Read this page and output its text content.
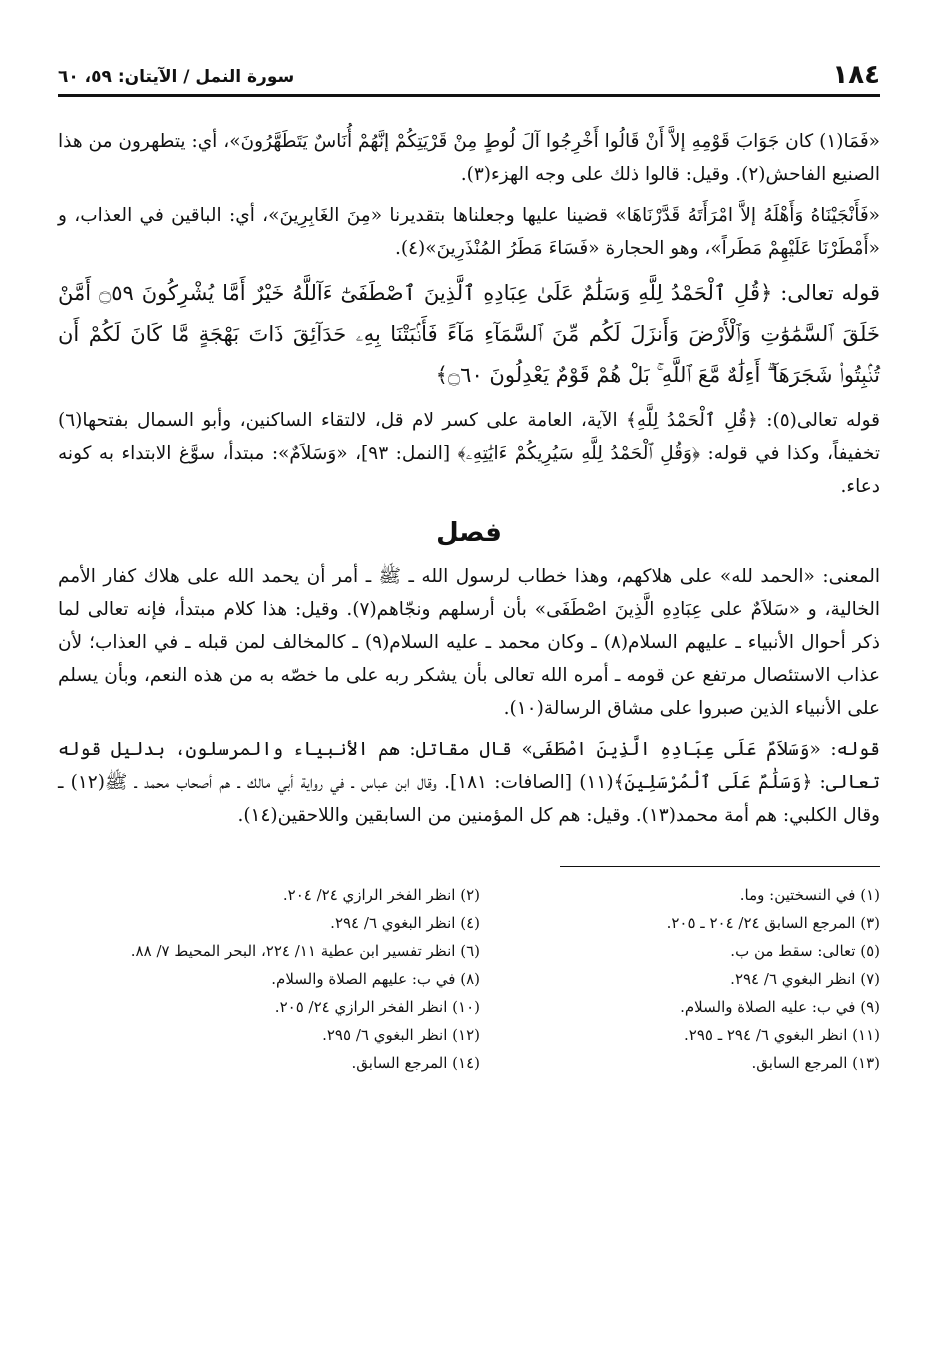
١٨٤
سورة النمل / الآيتان: ٥٩، ٦٠

«فَمَا(١) كان جَوَابَ قَوْمِهِ إلاَّ أَنْ قَالُوا أَخْرِجُوا آلَ لُوطٍ مِنْ قَرْيَتِكُمْ إنَّهُمْ أُنَاسٌ يَتَطَهَّرُونَ»، أي: يتطهرون من هذا الصنيع الفاحش(٢). وقيل: قالوا ذلك على وجه الهزء(٣).

«فَأَنْجَيْنَاهُ وَأَهْلَهُ إلاَّ امْرَأَتَهُ قَدَّرْنَاهَا» قضينا عليها وجعلناها بتقديرنا «مِنَ الغَابِرِينَ»، أي: الباقين في العذاب، و «أَمْطَرْنَا عَلَيْهِمْ مَطَراً»، وهو الحجارة «فَسَاءَ مَطَرُ المُنْذَرِينَ»(٤).

قوله تعالى: ﴿قُلِ ٱلْحَمْدُ لِلَّهِ وَسَلَٰمٌ عَلَىٰ عِبَادِهِ ٱلَّذِينَ ٱصْطَفَىٰٓ ءَآللَّهُ خَيْرٌ أَمَّا يُشْرِكُونَ ۝٥٩ أَمَّنْ خَلَقَ ٱلسَّمَٰوَٰتِ وَٱلْأَرْضَ وَأَنزَلَ لَكُم مِّنَ ٱلسَّمَآءِ مَآءً فَأَنۢبَتْنَا بِهِۦ حَدَآئِقَ ذَاتَ بَهْجَةٍ مَّا كَانَ لَكُمْ أَن تُنۢبِتُوا۟ شَجَرَهَآ ۗ أَءِلَٰهٌ مَّعَ ٱللَّهِ ۚ بَلْ هُمْ قَوْمٌ يَعْدِلُونَ ۝٦٠﴾

قوله تعالى(٥): ﴿قُلِ ٱلْحَمْدُ لِلَّهِ﴾ الآية، العامة على كسر لام قل، لالتقاء الساكنين، وأبو السمال بفتحها(٦) تخفيفاً، وكذا في قوله: ﴿وَقُلِ ٱلْحَمْدُ لِلَّهِ سَيُرِيكُمْ ءَايَٰتِهِۦ﴾ [النمل: ٩٣]، «وَسَلاَمٌ»: مبتدأ، سوَّغ الابتداء به كونه دعاء.

فصل

المعنى: «الحمد لله» على هلاكهم، وهذا خطاب لرسول الله ـ ﷺ ـ أمر أن يحمد الله على هلاك كفار الأمم الخالية، و «سَلاَمٌ على عِبَادِهِ الَّذِينَ اصْطَفَى» بأن أرسلهم ونجّاهم(٧). وقيل: هذا كلام مبتدأ، فإنه تعالى لما ذكر أحوال الأنبياء ـ عليهم السلام(٨) ـ وكان محمد ـ عليه السلام(٩) ـ كالمخالف لمن قبله ـ في العذاب؛ لأن عذاب الاستئصال مرتفع عن قومه ـ أمره الله تعالى بأن يشكر ربه على ما خصّه به من هذه النعم، وبأن يسلم على الأنبياء الذين صبروا على مشاق الرسالة(١٠).

قوله: «وَسَلاَمٌ عَلَى عِبَادِهِ الَّذِينَ اصْطَفَى» قال مقاتل: هم الأنبياء والمرسلون، بدليل قوله تعالى: ﴿وَسَلَٰمٌ عَلَى ٱلْمُرْسَلِينَ﴾(١١) [الصافات: ١٨١]. وقال ابن عباس ـ في رواية أبي مالك ـ هم أصحاب محمد ـ ﷺ(١٢) ـ وقال الكلبي: هم أمة محمد(١٣). وقيل: هم كل المؤمنين من السابقين واللاحقين(١٤).

(١) في النسختين: وما.
(٢) انظر الفخر الرازي ٢٤/ ٢٠٤.
(٣) المرجع السابق ٢٤/ ٢٠٤ ـ ٢٠٥.
(٤) انظر البغوي ٦/ ٢٩٤.
(٥) تعالى: سقط من ب.
(٦) انظر تفسير ابن عطية ١١/ ٢٢٤، البحر المحيط ٧/ ٨٨.
(٧) انظر البغوي ٦/ ٢٩٤.
(٨) في ب: عليهم الصلاة والسلام.
(٩) في ب: عليه الصلاة والسلام.
(١٠) انظر الفخر الرازي ٢٤/ ٢٠٥.
(١١) انظر البغوي ٦/ ٢٩٤ ـ ٢٩٥.
(١٢) انظر البغوي ٦/ ٢٩٥.
(١٣) المرجع السابق.
(١٤) المرجع السابق.
